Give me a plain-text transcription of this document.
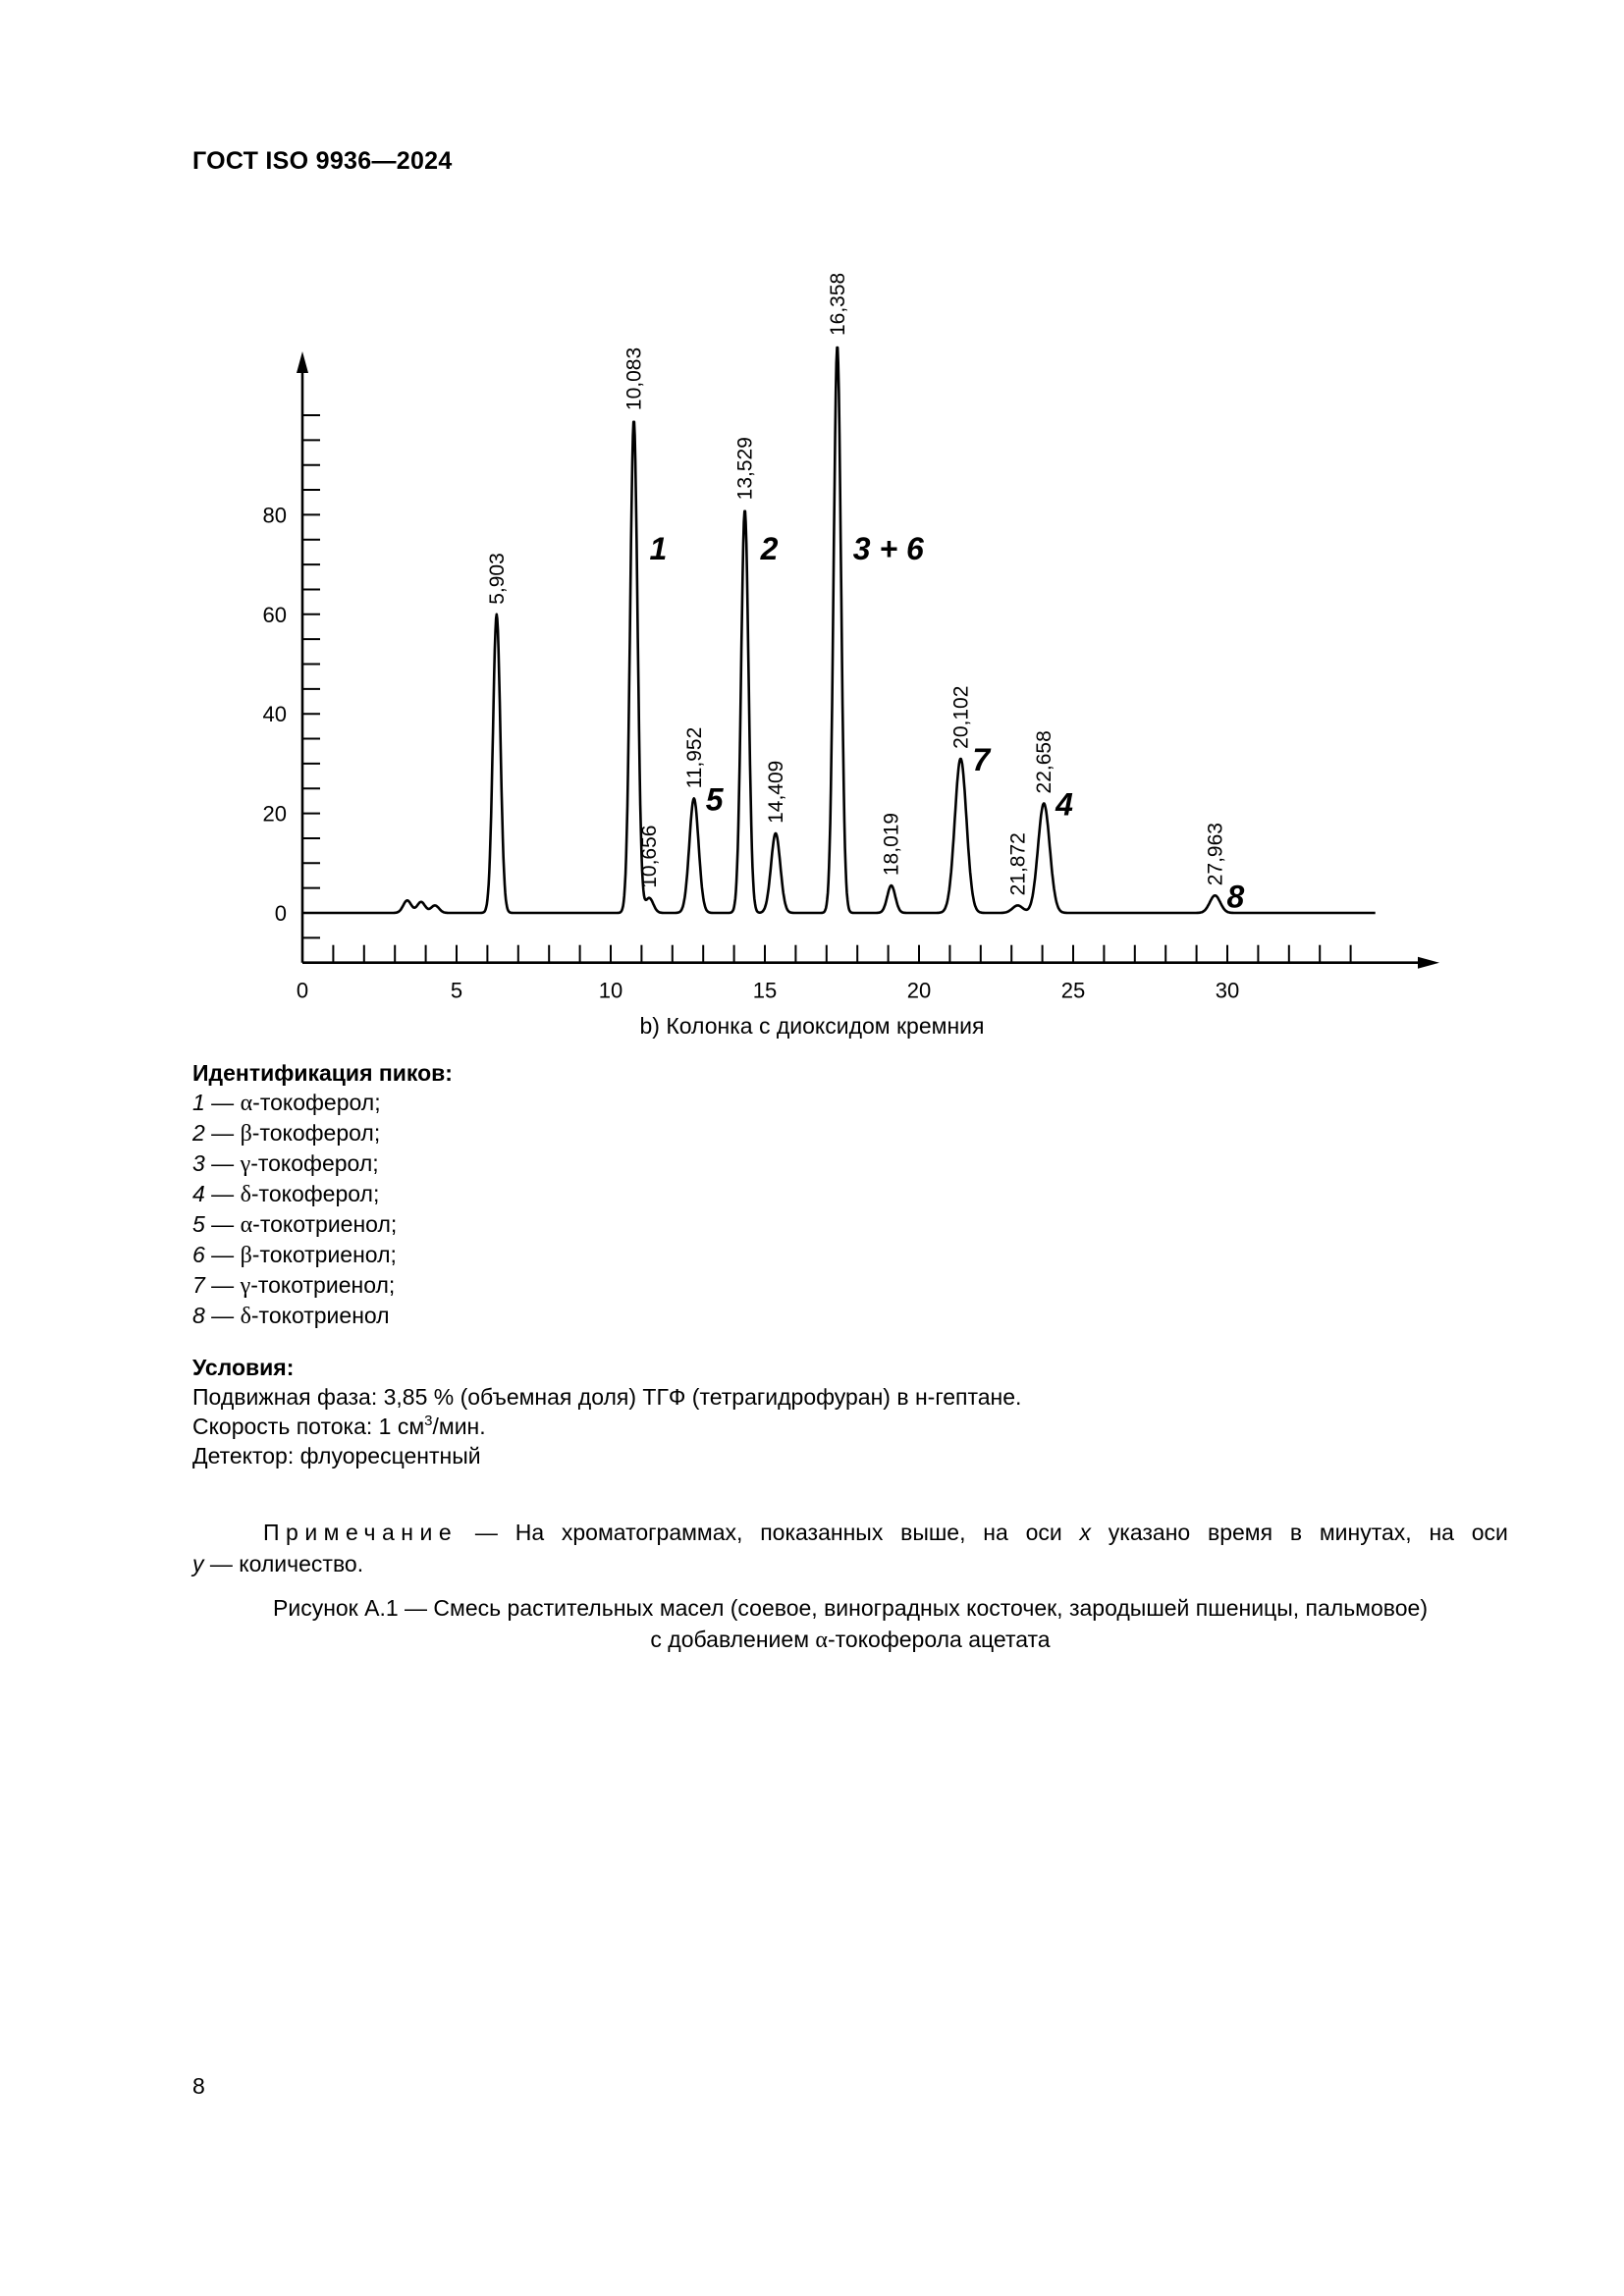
ГОСТ ISO 9936—2024
0
20
40
60
80
0	5	10	15	20	25	30
5,903
10,083
10,656
11,952
13,529
14,409
16,358
18,019
20,102
21,872
22,658
27,963
1
5
2 3 + 6
7
4
8
b) Колонка с диоксидом кремния
Идентификация пиков:
1 — α-токоферол;
2 — β-токоферол;
3 — γ-токоферол;
4 — δ-токоферол;
5 — α-токотриенол;
6 — β-токотриенол;
7 — γ-токотриенол;
8 — δ-токотриенол
Условия:
Подвижная фаза: 3,85 % (объемная доля) ТГФ (тетрагидрофуран) в н-гептане.
Скорость потока: 1 $см^3$/мин.
Детектор: флуоресцентный
Примечание — На хроматограммах, показанных выше, на оси x указано время в минутах, на оси
y — количество.
Рисунок А.1 — Смесь растительных масел (соевое, виноградных косточек, зародышей пшеницы, пальмовое)
с добавлением α-токоферола ацетата
8
